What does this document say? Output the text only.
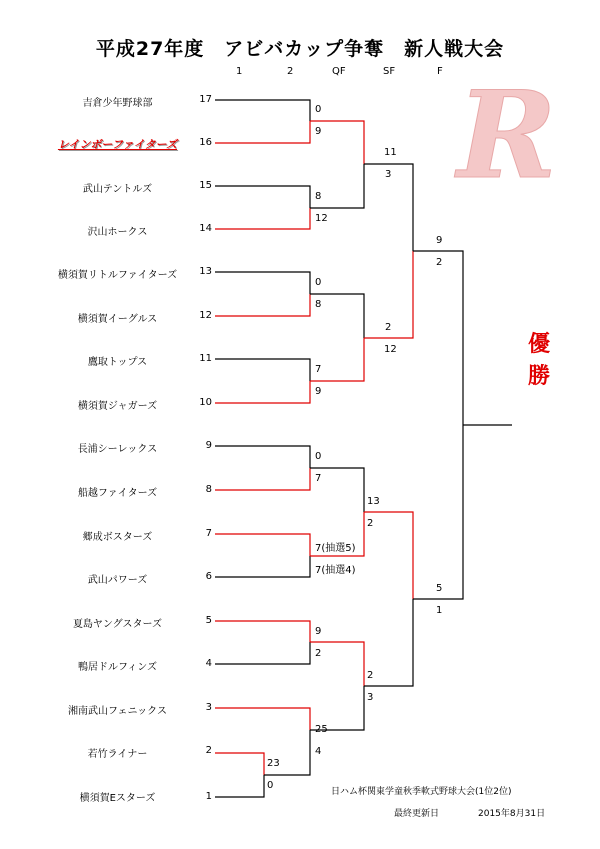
平成27年度　アビバカップ争奪　新人戦大会
1	2	QF	SF	F R
吉倉少年野球部	17
レインボーファイターズ	16
武山テントルズ	15
沢山ホークス	14
横須賀リトルファイターズ	13
横須賀イーグルス	12
鷹取トップス	11
横須賀ジャガーズ	10
長浦シーレックス	9
船越ファイターズ	8
郷成ボスターズ	7
武山パワーズ	6
夏島ヤングスターズ	5
鴨居ドルフィンズ	4
湘南武山フェニックス	3
若竹ライナー	2
横須賀Eスターズ	1
23
0
0
9
8
12
0
8
7
9
0
7
7(抽選5)
7(抽選4)
9
2
25
4
11
3
2
12
13
2
2
3
9
2
5
1
優
勝
日ハム杯関東学童秋季軟式野球大会(1位2位)
最終更新日	2015年8月31日
